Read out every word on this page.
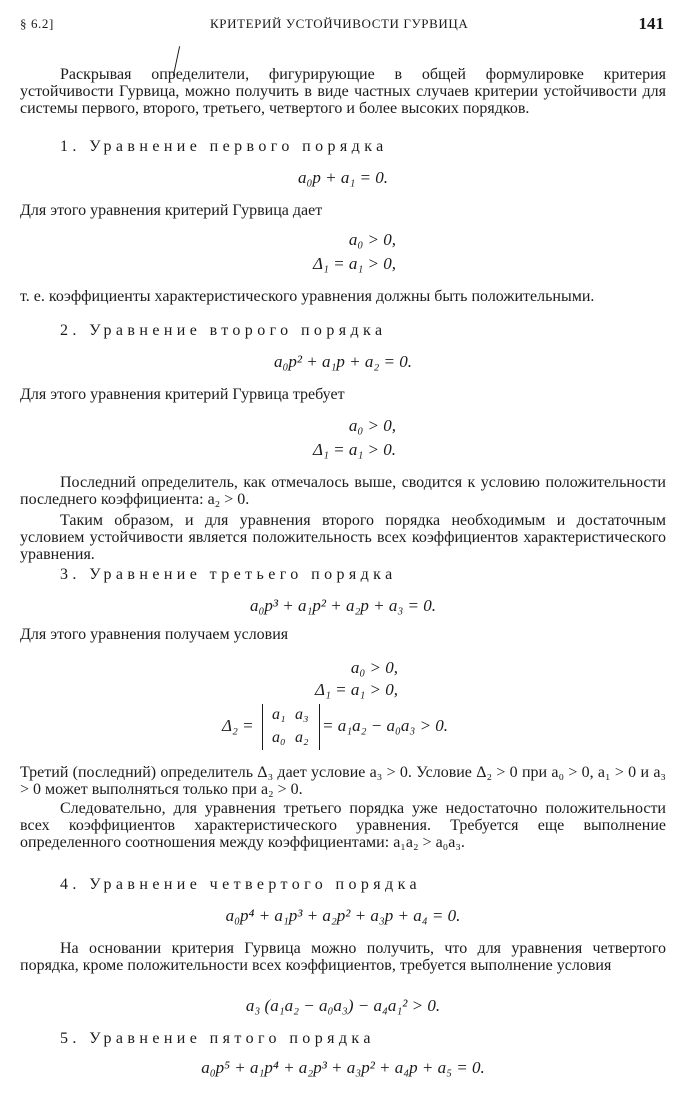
§ 6.2]	КРИТЕРИЙ УСТОЙЧИВОСТИ ГУРВИЦА	141
Раскрывая определители, фигурирующие в общей формулировке критерия устойчивости Гурвица, можно получить в виде частных случаев критерии устойчивости для системы первого, второго, третьего, четвертого и более высоких порядков.
1. Уравнение первого порядка
a₀p + a₁ = 0.
Для этого уравнения критерий Гурвица дает
a₀ > 0,
Δ₁ = a₁ > 0,
т. е. коэффициенты характеристического уравнения должны быть положительными.
2. Уравнение второго порядка
a₀p² + a₁p + a₂ = 0.
Для этого уравнения критерий Гурвица требует
a₀ > 0,
Δ₁ = a₁ > 0.
Последний определитель, как отмечалось выше, сводится к условию положительности последнего коэффициента: a₂ > 0.
Таким образом, и для уравнения второго порядка необходимым и достаточным условием устойчивости является положительность всех коэффициентов характеристического уравнения.
3. Уравнение третьего порядка
a₀p³ + a₁p² + a₂p + a₃ = 0.
Для этого уравнения получаем условия
a₀ > 0,
Δ₁ = a₁ > 0,
Δ₂ =
a₁ a₃
a₀ a₂
= a₁a₂ − a₀a₃ > 0.
Третий (последний) определитель Δ₃ дает условие a₃ > 0. Условие Δ₂ > 0 при a₀ > 0, a₁ > 0 и a₃ > 0 может выполняться только при a₂ > 0.
Следовательно, для уравнения третьего порядка уже недостаточно положительности всех коэффициентов характеристического уравнения. Требуется еще выполнение определенного соотношения между коэффициентами: a₁a₂ > a₀a₃.
4. Уравнение четвертого порядка
a₀p⁴ + a₁p³ + a₂p² + a₃p + a₄ = 0.
На основании критерия Гурвица можно получить, что для уравнения четвертого порядка, кроме положительности всех коэффициентов, требуется выполнение условия
a₃ (a₁a₂ − a₀a₃) − a₄a₁² > 0.
5. Уравнение пятого порядка
a₀p⁵ + a₁p⁴ + a₂p³ + a₃p² + a₄p + a₅ = 0.
